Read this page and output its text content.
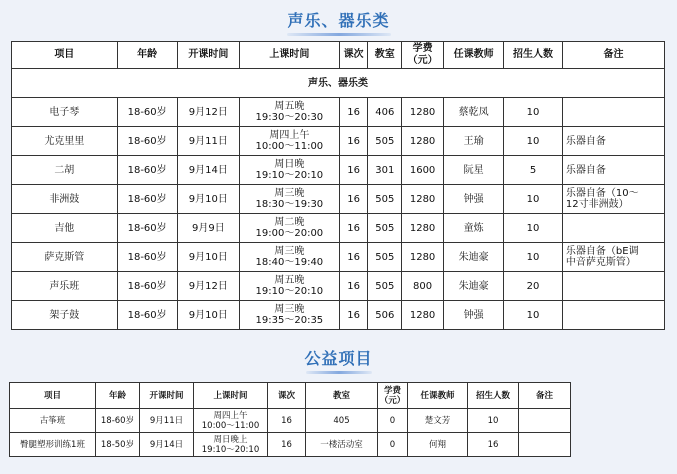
声乐、器乐类
项目	年龄	开课时间	上课时间	课次	教室	学费（元）	任课教师	招生人数	备注
声乐、器乐类									
电子琴	18-60岁	9月12日	周五晚
19:30～20:30	16	406	1280	蔡乾凤	10	

尤克里里	18-60岁	9月11日	周四上午
10:00～11:00	16	505	1280	王瑜	10	乐器自备

二胡	18-60岁	9月14日	周日晚
19:10～20:10	16	301	1600	阮星	5	乐器自备

非洲鼓	18-60岁	9月10日	周三晚
18:30～19:30	16	505	1280	钟强	10	乐器自备（10～
12寸非洲鼓）

吉他	18-60岁	9月9日	周二晚
19:00～20:00	16	505	1280	童炼	10	

萨克斯管	18-60岁	9月10日	周三晚
18:40～19:40	16	505	1280	朱迪豪	10	乐器自备（bE调
中音萨克斯管）

声乐班	18-60岁	9月12日	周五晚
19:10～20:10	16	505	800	朱迪豪	20	

架子鼓	18-60岁	9月10日	周三晚
19:35～20:35	16	506	1280	钟强	10	
公益项目
项目	年龄	开课时间	上课时间	课次	教室	学费（元）	任课教师	招生人数	备注
古筝班	18-60岁	9月11日	周四上午
10:00～11:00	16	405	0	楚文芳	10	
臀腿塑形训练1班	18-50岁	9月14日	周日晚上
19:10～20:10	16	一楼活动室	0	何翔	16	
